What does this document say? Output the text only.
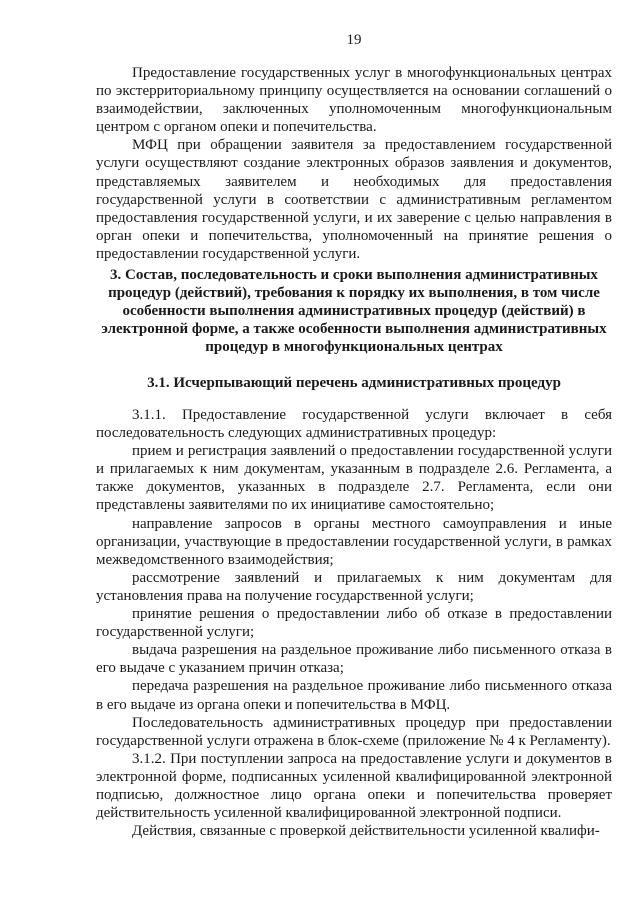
19

Предоставление государственных услуг в многофункциональных центрах по экстерриториальному принципу осуществляется на основании соглашений о взаимодействии, заключенных уполномоченным многофункциональным центром с органом опеки и попечительства.

МФЦ при обращении заявителя за предоставлением государственной услуги осуществляют создание электронных образов заявления и документов, представляемых заявителем и необходимых для предоставления государственной услуги в соответствии с административным регламентом предоставления государственной услуги, и их заверение с целью направления в орган опеки и попечительства, уполномоченный на принятие решения о предоставлении государственной услуги.

3. Состав, последовательность и сроки выполнения административных процедур (действий), требования к порядку их выполнения, в том числе особенности выполнения административных процедур (действий) в электронной форме, а также особенности выполнения административных процедур в многофункциональных центрах
3.1. Исчерпывающий перечень административных процедур

3.1.1. Предоставление государственной услуги включает в себя последовательность следующих административных процедур:

прием и регистрация заявлений о предоставлении государственной услуги и прилагаемых к ним документам, указанным в подразделе 2.6. Регламента, а также документов, указанных в подразделе 2.7. Регламента, если они представлены заявителями по их инициативе самостоятельно;

направление запросов в органы местного самоуправления и иные организации, участвующие в предоставлении государственной услуги, в рамках межведомственного взаимодействия;

рассмотрение заявлений и прилагаемых к ним документам для установления права на получение государственной услуги;

принятие решения о предоставлении либо об отказе в предоставлении государственной услуги;

выдача разрешения на раздельное проживание либо письменного отказа в его выдаче с указанием причин отказа;

передача разрешения на раздельное проживание либо письменного отказа в его выдаче из органа опеки и попечительства в МФЦ.

Последовательность административных процедур при предоставлении государственной услуги отражена в блок-схеме (приложение № 4 к Регламенту).

3.1.2. При поступлении запроса на предоставление услуги и документов в электронной форме, подписанных усиленной квалифицированной электронной подписью, должностное лицо органа опеки и попечительства проверяет действительность усиленной квалифицированной электронной подписи.

Действия, связанные с проверкой действительности усиленной квалифи-
